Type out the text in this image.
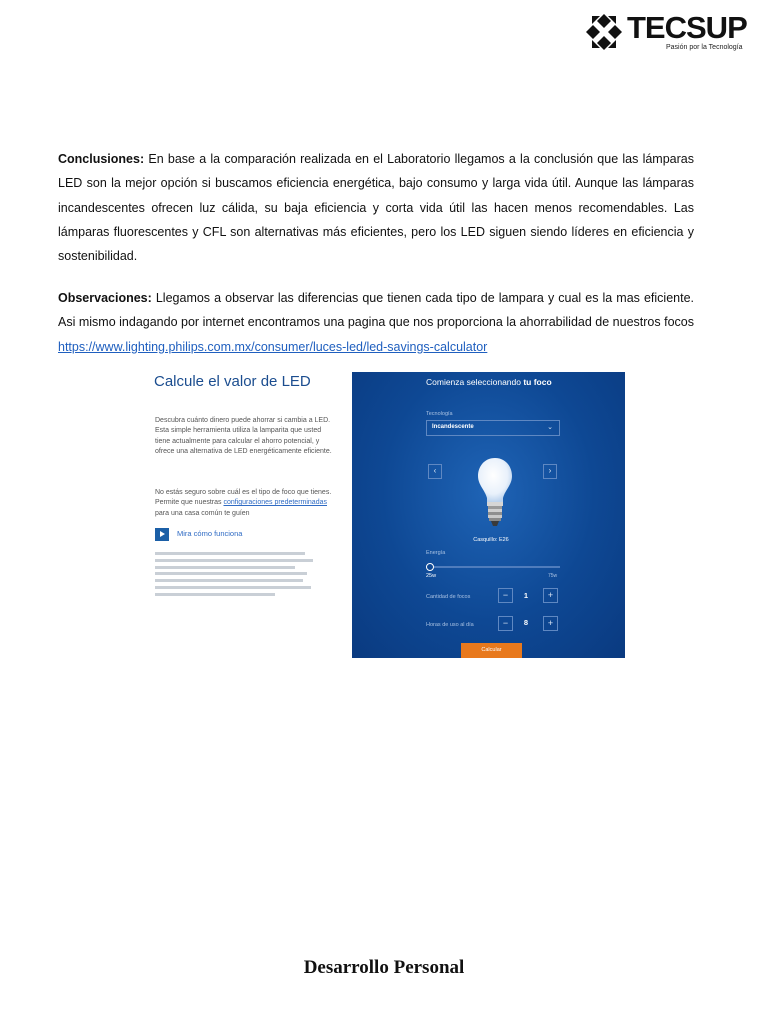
TECSUP
Pasión por la Tecnología
Conclusiones: En base a la comparación realizada en el Laboratorio llegamos a la conclusión que las lámparas LED son la mejor opción si buscamos eficiencia energética, bajo consumo y larga vida útil. Aunque las lámparas incandescentes ofrecen luz cálida, su baja eficiencia y corta vida útil las hacen menos recomendables. Las lámparas fluorescentes y CFL son alternativas más eficientes, pero los LED siguen siendo líderes en eficiencia y sostenibilidad.
Observaciones: Llegamos a observar las diferencias que tienen cada tipo de lampara y cual es la mas eficiente. Asi mismo indagando por internet encontramos una pagina que nos proporciona la ahorrabilidad de nuestros focos https://www.lighting.philips.com.mx/consumer/luces-led/led-savings-calculator
Calcule el valor de LED
Descubra cuánto dinero puede ahorrar si cambia a LED. Esta simple herramienta utiliza la lamparita que usted tiene actualmente para calcular el ahorro potencial, y ofrece una alternativa de LED energéticamente eficiente.
No estás seguro sobre cuál es el tipo de foco que tienes. Permite que nuestras configuraciones predeterminadas para una casa común te guíen
Mira cómo funciona
Comienza seleccionando tu foco
Tecnología
Incandescente	⌄
‹	›
Casquillo: E26
Energía
25w	75w
Cantidad de focos	−	1	+
Horas de uso al día	−	8	+
Calcular
Desarrollo Personal
